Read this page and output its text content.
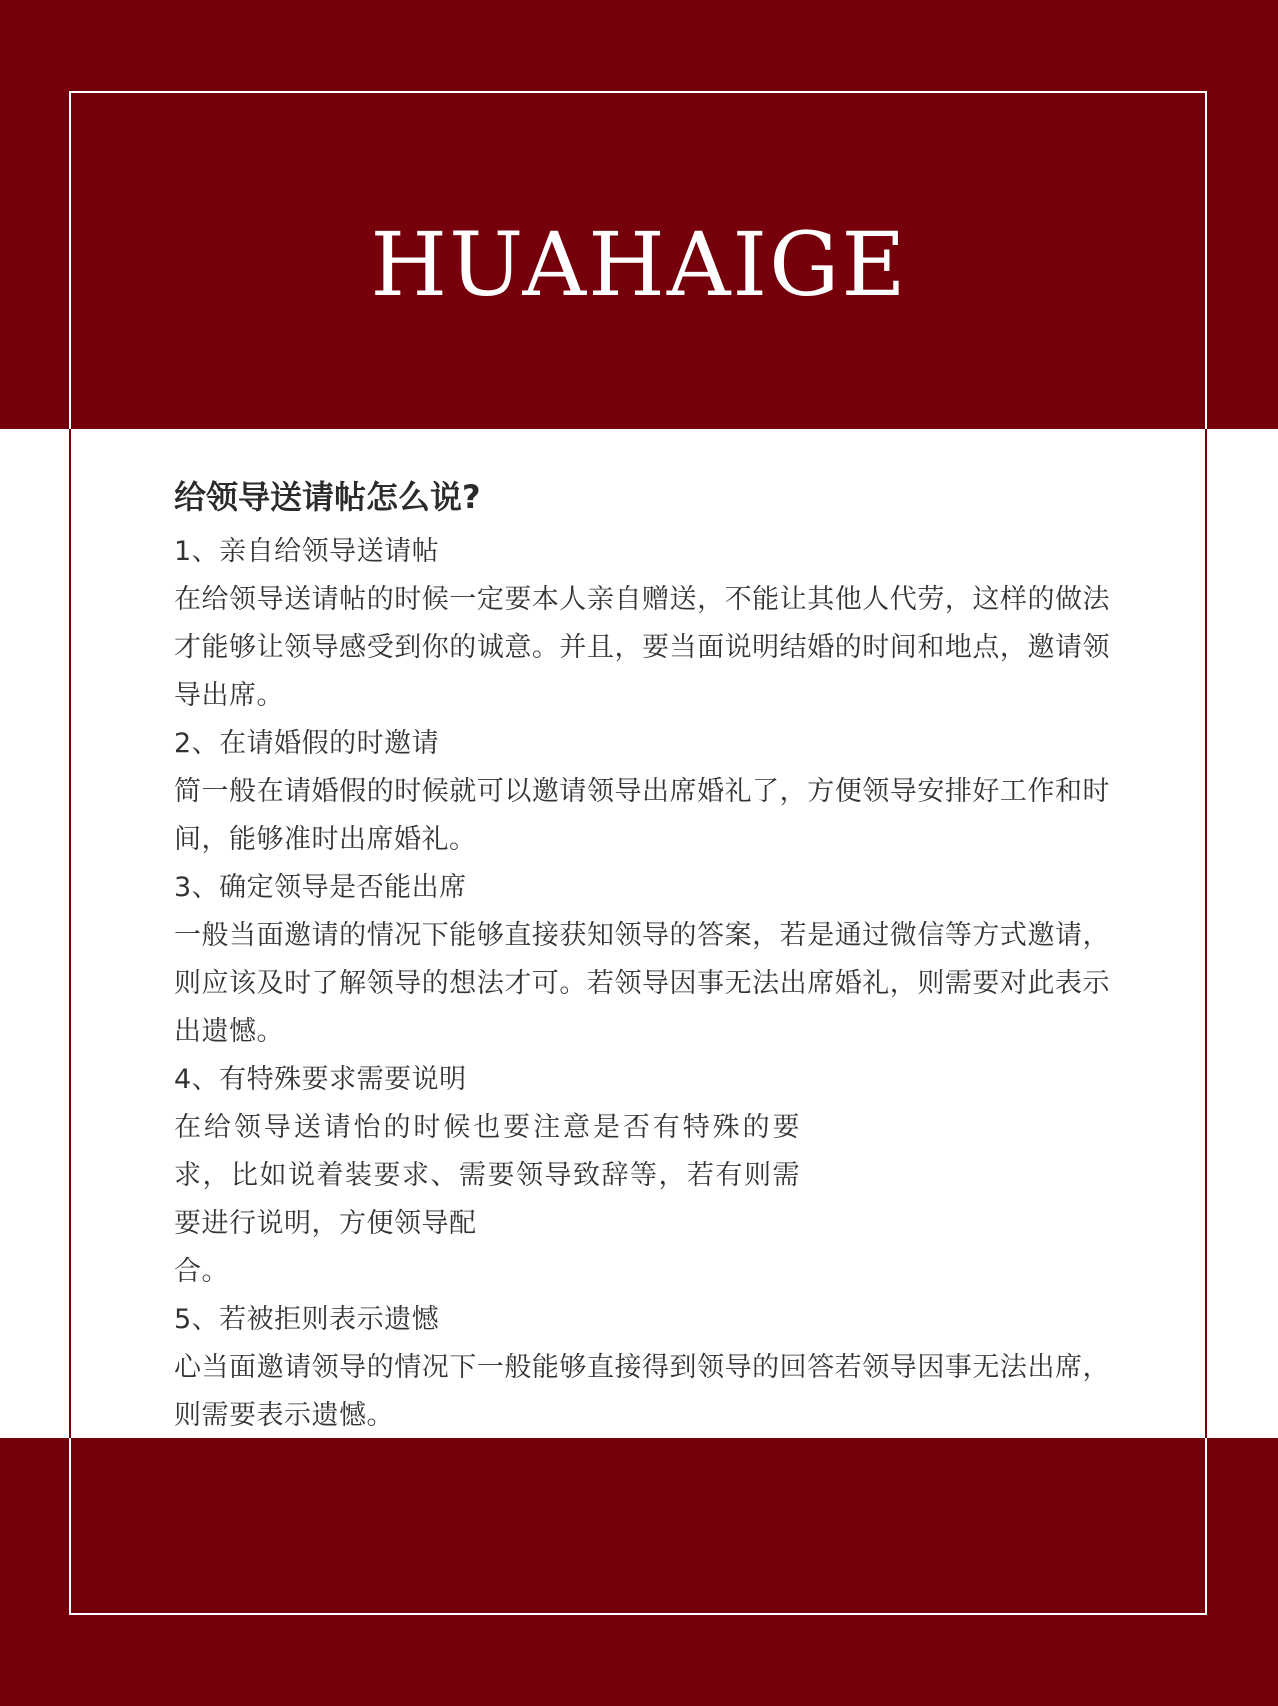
HUAHAIGE
给领导送请帖怎么说?

1、亲自给领导送请帖

在给领导送请帖的时候一定要本人亲自赠送，不能让其他人代劳，这样的做法才能够让领导感受到你的诚意。并且，要当面说明结婚的时间和地点，邀请领导出席。

2、在请婚假的时邀请

简一般在请婚假的时候就可以邀请领导出席婚礼了，方便领导安排好工作和时间，能够准时出席婚礼。

3、确定领导是否能出席

一般当面邀请的情况下能够直接获知领导的答案，若是通过微信等方式邀请，则应该及时了解领导的想法才可。若领导因事无法出席婚礼，则需要对此表示出遗憾。

4、有特殊要求需要说明

在给领导送请怡的时候也要注意是否有特殊的要求，比如说着装要求、需要领导致辞等，若有则需要进行说明，方便领导配

合。

5、若被拒则表示遗憾

心当面邀请领导的情况下一般能够直接得到领导的回答若领导因事无法出席，则需要表示遗憾。
